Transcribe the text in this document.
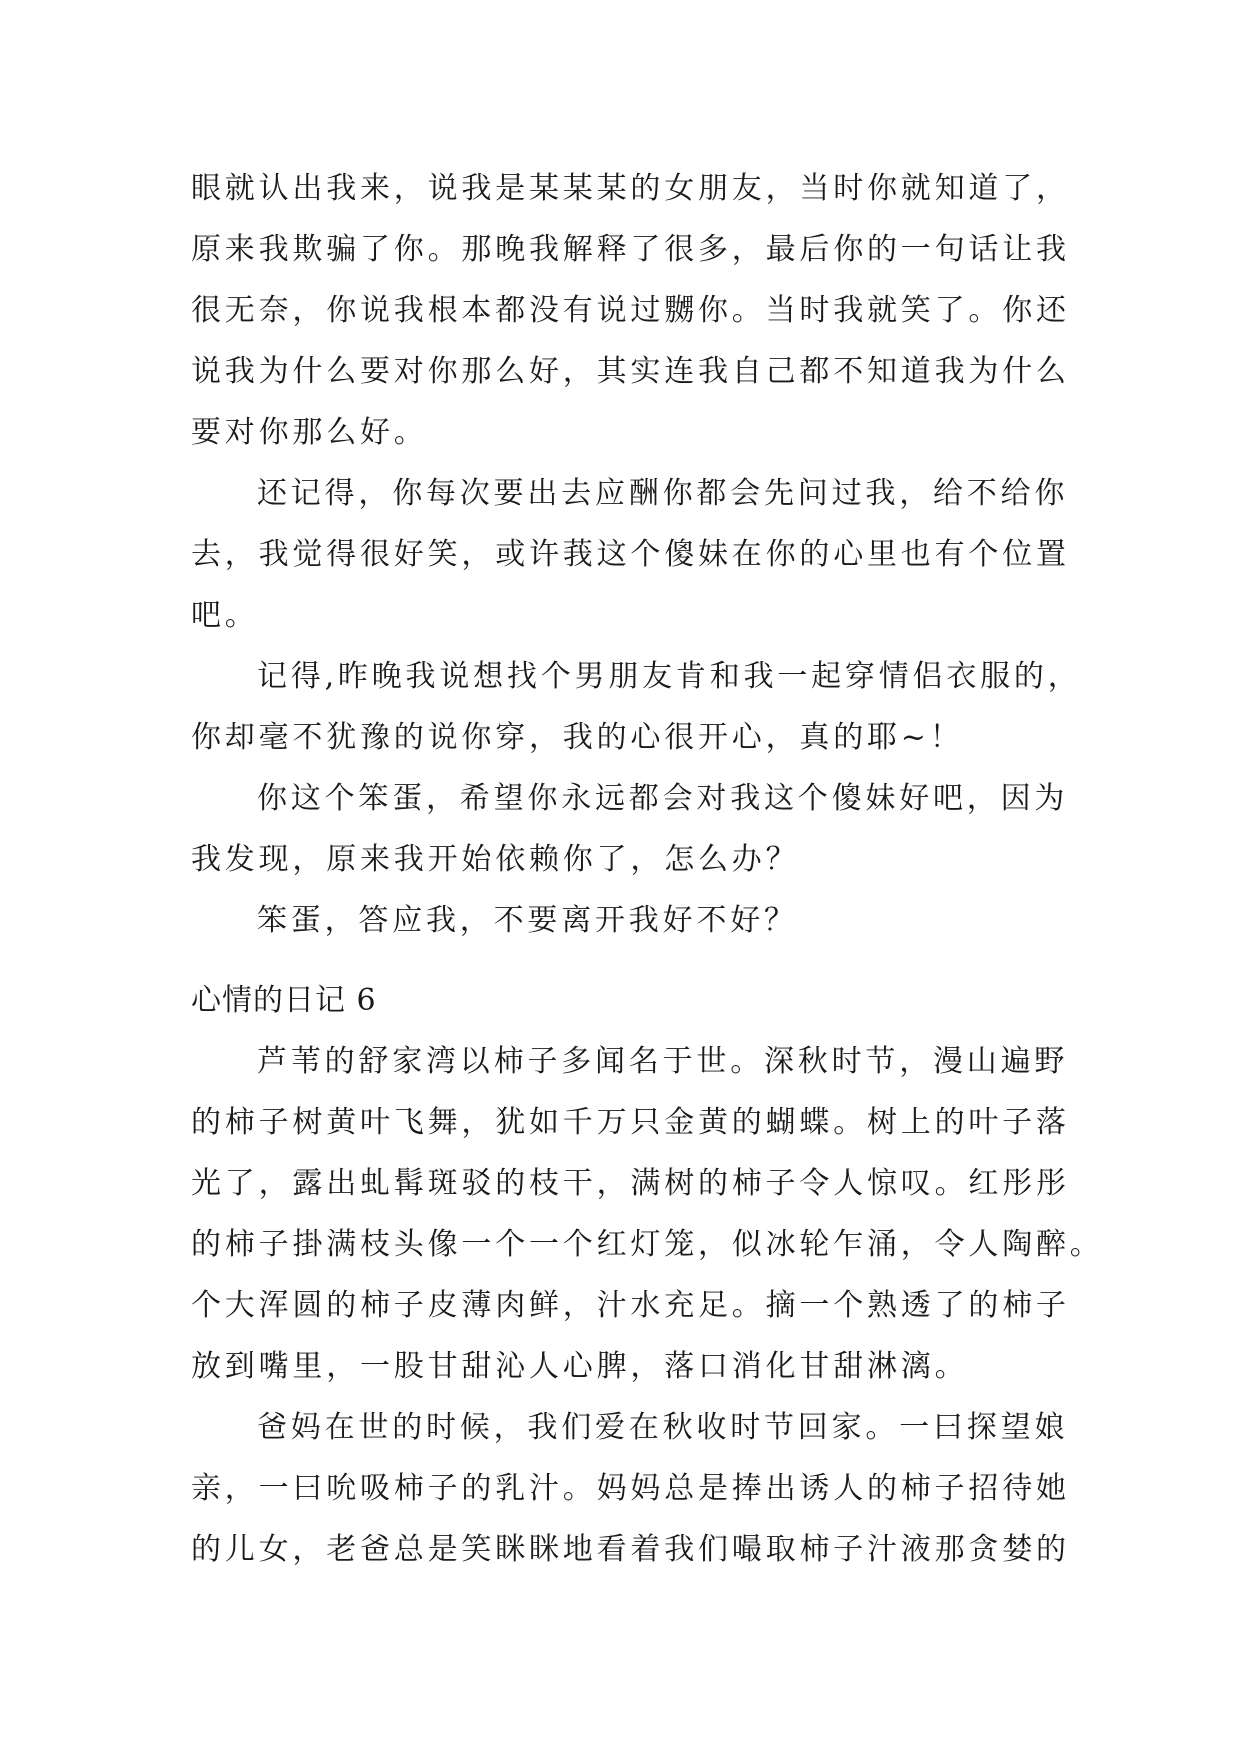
眼就认出我来，说我是某某某的女朋友，当时你就知道了，
原来我欺骗了你。那晚我解释了很多，最后你的一句话让我
很无奈，你说我根本都没有说过嬲你。当时我就笑了。你还
说我为什么要对你那么好，其实连我自己都不知道我为什么
要对你那么好。
还记得，你每次要出去应酬你都会先问过我，给不给你
去，我觉得很好笑，或许莪这个傻妹在你的心里也有个位置
吧。
记得,昨晚我说想找个男朋友肯和我一起穿情侣衣服的，
你却毫不犹豫的说你穿，我的心很开心，真的耶~！
你这个笨蛋，希望你永远都会对我这个傻妹好吧，因为
我发现，原来我开始依赖你了，怎么办？
笨蛋，答应我，不要离开我好不好？
心情的日记 6
芦苇的舒家湾以柿子多闻名于世。深秋时节，漫山遍野
的柿子树黄叶飞舞，犹如千万只金黄的蝴蝶。树上的叶子落
光了，露出虬髯斑驳的枝干，满树的柿子令人惊叹。红彤彤
的柿子掛满枝头像一个一个红灯笼，似冰轮乍涌，令人陶醉。
个大浑圆的柿子皮薄肉鲜，汁水充足。摘一个熟透了的柿子
放到嘴里，一股甘甜沁人心脾，落口消化甘甜淋漓。
爸妈在世的时候，我们爱在秋收时节回家。一曰探望娘
亲，一曰吮吸柿子的乳汁。妈妈总是捧出诱人的柿子招待她
的儿女，老爸总是笑眯眯地看着我们嘬取柿子汁液那贪婪的
